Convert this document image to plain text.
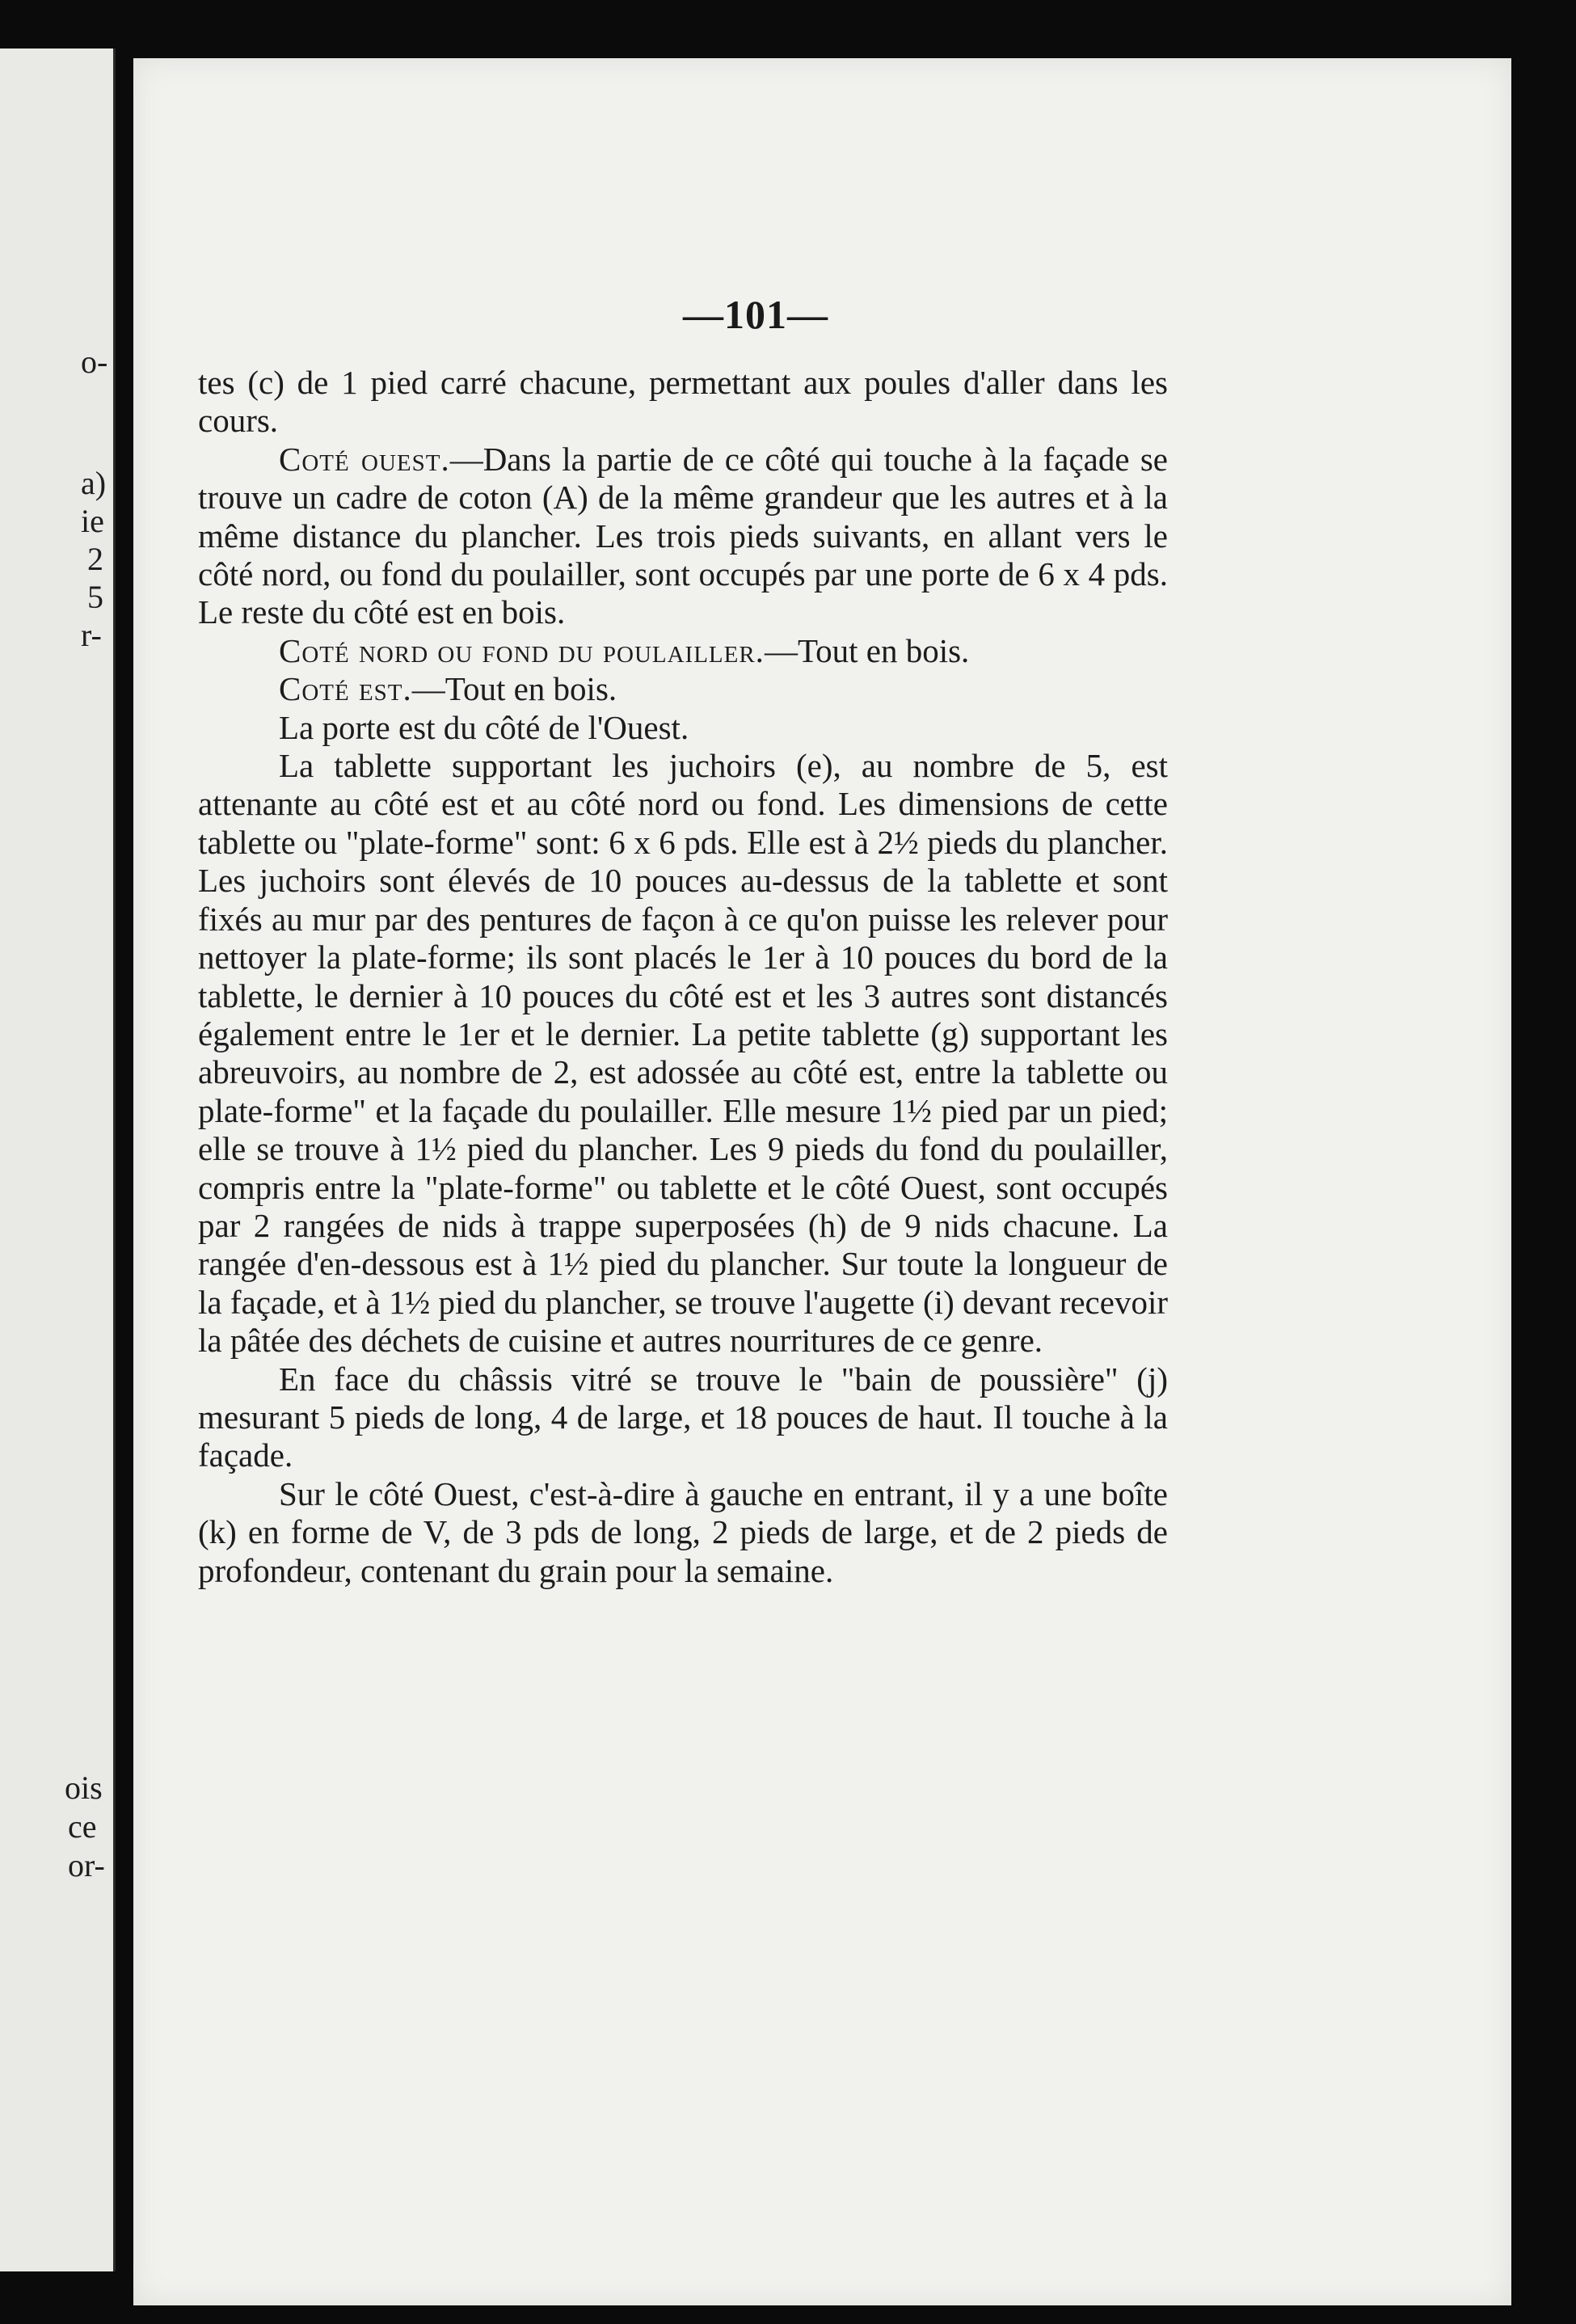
o-
a)
ie
2
5
r-
ois
ce
or-
—101—

tes (c) de 1 pied carré chacune, permettant aux poules d'aller dans les cours.

Coté ouest.—Dans la partie de ce côté qui touche à la façade se trouve un cadre de coton (A) de la même grandeur que les autres et à la même distance du plancher. Les trois pieds suivants, en allant vers le côté nord, ou fond du poulailler, sont occupés par une porte de 6 x 4 pds. Le reste du côté est en bois.

Coté nord ou fond du poulailler.—Tout en bois.

Coté est.—Tout en bois.

La porte est du côté de l'Ouest.

La tablette supportant les juchoirs (e), au nombre de 5, est attenante au côté est et au côté nord ou fond. Les dimensions de cette tablette ou "plate-forme" sont: 6 x 6 pds. Elle est à 2½ pieds du plancher. Les juchoirs sont élevés de 10 pouces au-dessus de la tablette et sont fixés au mur par des pentures de façon à ce qu'on puisse les relever pour nettoyer la plate-forme; ils sont placés le 1er à 10 pouces du bord de la tablette, le dernier à 10 pouces du côté est et les 3 autres sont distancés également entre le 1er et le dernier. La petite tablette (g) supportant les abreuvoirs, au nombre de 2, est adossée au côté est, entre la tablette ou plate-forme" et la façade du poulailler. Elle mesure 1½ pied par un pied; elle se trouve à 1½ pied du plancher. Les 9 pieds du fond du poulailler, compris entre la "plate-forme" ou tablette et le côté Ouest, sont occupés par 2 rangées de nids à trappe superposées (h) de 9 nids chacune. La rangée d'en-dessous est à 1½ pied du plancher. Sur toute la longueur de la façade, et à 1½ pied du plancher, se trouve l'augette (i) devant recevoir la pâtée des déchets de cuisine et autres nourritures de ce genre.

En face du châssis vitré se trouve le "bain de poussière" (j) mesurant 5 pieds de long, 4 de large, et 18 pouces de haut. Il touche à la façade.

Sur le côté Ouest, c'est-à-dire à gauche en entrant, il y a une boîte (k) en forme de V, de 3 pds de long, 2 pieds de large, et de 2 pieds de profondeur, contenant du grain pour la semaine.
